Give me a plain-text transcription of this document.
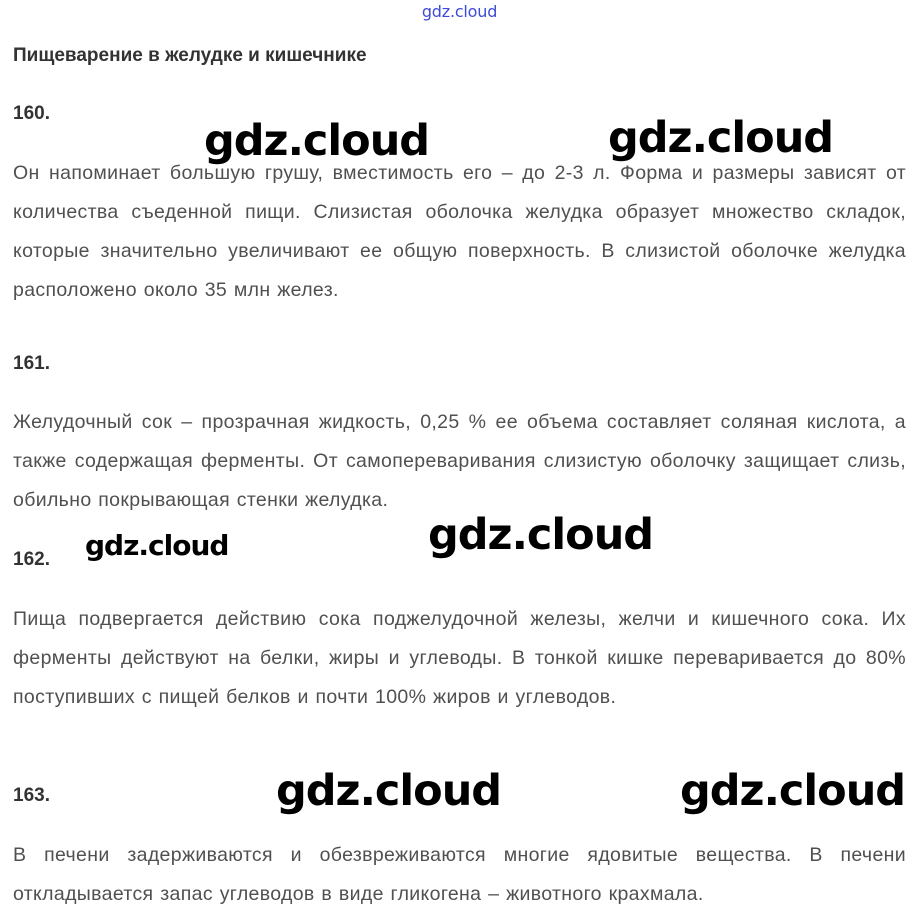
gdz.cloud
Пищеварение в желудке и кишечнике
160.
Он напоминает большую грушу, вместимость его – до 2-3 л. Форма и размеры зависят от количества съеденной пищи. Слизистая оболочка желудка образует множество складок, которые значительно увеличивают ее общую поверхность. В слизистой оболочке желудка расположено около 35 млн желез.
161.
Желудочный сок – прозрачная жидкость, 0,25 % ее объема составляет соляная кислота, а также содержащая ферменты. От самопереваривания слизистую оболочку защищает слизь, обильно покрывающая стенки желудка.
162.
Пища подвергается действию сока поджелудочной железы, желчи и кишечного сока. Их ферменты действуют на белки, жиры и углеводы. В тонкой кишке переваривается до 80% поступивших с пищей белков и почти 100% жиров и углеводов.
163.
В печени задерживаются и обезвреживаются многие ядовитые вещества. В печени откладывается запас углеводов в виде гликогена – животного крахмала.
gdz.cloud	gdz.cloud
gdz.cloud	gdz.cloud
gdz.cloud	gdz.cloud
